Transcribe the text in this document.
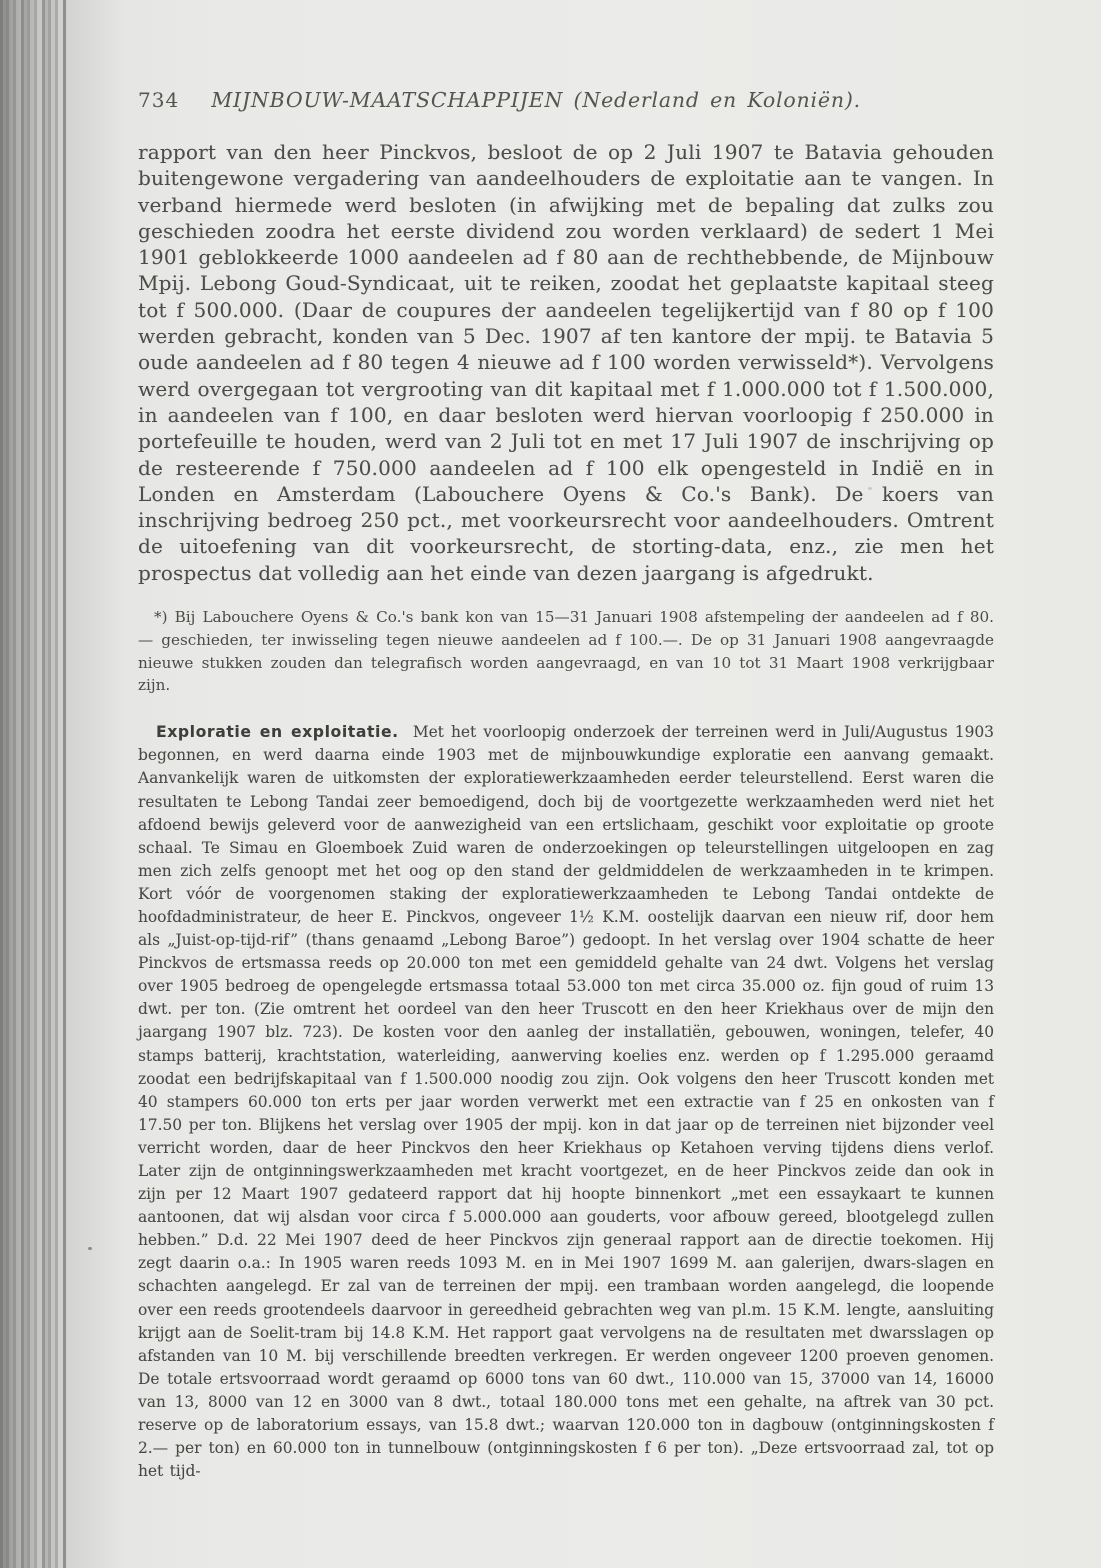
734 MIJNBOUW-MAATSCHAPPIJEN (Nederland en Koloniën).

rapport van den heer Pinckvos, besloot de op 2 Juli 1907 te Batavia gehouden buitengewone vergadering van aandeelhouders de exploitatie aan te vangen. In verband hiermede werd besloten (in afwijking met de bepaling dat zulks zou geschieden zoodra het eerste dividend zou worden verklaard) de sedert 1 Mei 1901 geblokkeerde 1000 aandeelen ad f 80 aan de rechthebbende, de Mijnbouw Mpij. Lebong Goud-Syndicaat, uit te reiken, zoodat het geplaatste kapitaal steeg tot f 500.000. (Daar de coupures der aandeelen tegelijkertijd van f 80 op f 100 werden gebracht, konden van 5 Dec. 1907 af ten kantore der mpij. te Batavia 5 oude aandeelen ad f 80 tegen 4 nieuwe ad f 100 worden verwisseld*). Vervolgens werd overgegaan tot vergrooting van dit kapitaal met f 1.000.000 tot f 1.500.000, in aandeelen van f 100, en daar besloten werd hiervan voorloopig f 250.000 in portefeuille te houden, werd van 2 Juli tot en met 17 Juli 1907 de inschrijving op de resteerende f 750.000 aandeelen ad f 100 elk opengesteld in Indië en in Londen en Amsterdam (Labouchere Oyens & Co.'s Bank). De koers van inschrijving bedroeg 250 pct., met voorkeursrecht voor aandeelhouders. Omtrent de uitoefening van dit voorkeursrecht, de storting-data, enz., zie men het prospectus dat volledig aan het einde van dezen jaargang is afgedrukt.

*) Bij Labouchere Oyens & Co.'s bank kon van 15—31 Januari 1908 afstempeling der aandeelen ad f 80.— geschieden, ter inwisseling tegen nieuwe aandeelen ad f 100.—. De op 31 Januari 1908 aangevraagde nieuwe stukken zouden dan telegrafisch worden aangevraagd, en van 10 tot 31 Maart 1908 verkrijgbaar zijn.

Exploratie en exploitatie. Met het voorloopig onderzoek der terreinen werd in Juli/Augustus 1903 begonnen, en werd daarna einde 1903 met de mijnbouwkundige exploratie een aanvang gemaakt. Aanvankelijk waren de uitkomsten der exploratiewerkzaamheden eerder teleurstellend. Eerst waren die resultaten te Lebong Tandai zeer bemoedigend, doch bij de voortgezette werkzaamheden werd niet het afdoend bewijs geleverd voor de aanwezigheid van een ertslichaam, geschikt voor exploitatie op groote schaal. Te Simau en Gloemboek Zuid waren de onderzoekingen op teleurstellingen uitgeloopen en zag men zich zelfs genoopt met het oog op den stand der geldmiddelen de werkzaamheden in te krimpen. Kort vóór de voorgenomen staking der exploratiewerkzaamheden te Lebong Tandai ontdekte de hoofdadministrateur, de heer E. Pinckvos, ongeveer 1½ K.M. oostelijk daarvan een nieuw rif, door hem als „Juist-op-tijd-rif” (thans genaamd „Lebong Baroe”) gedoopt. In het verslag over 1904 schatte de heer Pinckvos de ertsmassa reeds op 20.000 ton met een gemiddeld gehalte van 24 dwt. Volgens het verslag over 1905 bedroeg de opengelegde ertsmassa totaal 53.000 ton met circa 35.000 oz. fijn goud of ruim 13 dwt. per ton. (Zie omtrent het oordeel van den heer Truscott en den heer Kriekhaus over de mijn den jaargang 1907 blz. 723). De kosten voor den aanleg der installatiën, gebouwen, woningen, telefer, 40 stamps batterij, krachtstation, waterleiding, aanwerving koelies enz. werden op f 1.295.000 geraamd zoodat een bedrijfskapitaal van f 1.500.000 noodig zou zijn. Ook volgens den heer Truscott konden met 40 stampers 60.000 ton erts per jaar worden verwerkt met een extractie van f 25 en onkosten van f 17.50 per ton. Blijkens het verslag over 1905 der mpij. kon in dat jaar op de terreinen niet bijzonder veel verricht worden, daar de heer Pinckvos den heer Kriekhaus op Ketahoen verving tijdens diens verlof. Later zijn de ontginningswerkzaamheden met kracht voortgezet, en de heer Pinckvos zeide dan ook in zijn per 12 Maart 1907 gedateerd rapport dat hij hoopte binnenkort „met een essaykaart te kunnen aantoonen, dat wij alsdan voor circa f 5.000.000 aan gouderts, voor afbouw gereed, blootgelegd zullen hebben.” D.d. 22 Mei 1907 deed de heer Pinckvos zijn generaal rapport aan de directie toekomen. Hij zegt daarin o.a.: In 1905 waren reeds 1093 M. en in Mei 1907 1699 M. aan galerijen, dwars-slagen en schachten aangelegd. Er zal van de terreinen der mpij. een trambaan worden aangelegd, die loopende over een reeds grootendeels daarvoor in gereedheid gebrachten weg van pl.m. 15 K.M. lengte, aansluiting krijgt aan de Soelit-tram bij 14.8 K.M. Het rapport gaat vervolgens na de resultaten met dwarsslagen op afstanden van 10 M. bij verschillende breedten verkregen. Er werden ongeveer 1200 proeven genomen. De totale ertsvoorraad wordt geraamd op 6000 tons van 60 dwt., 110.000 van 15, 37000 van 14, 16000 van 13, 8000 van 12 en 3000 van 8 dwt., totaal 180.000 tons met een gehalte, na aftrek van 30 pct. reserve op de laboratorium essays, van 15.8 dwt.; waarvan 120.000 ton in dagbouw (ontginningskosten f 2.— per ton) en 60.000 ton in tunnelbouw (ontginningskosten f 6 per ton). „Deze ertsvoorraad zal, tot op het tijd-
